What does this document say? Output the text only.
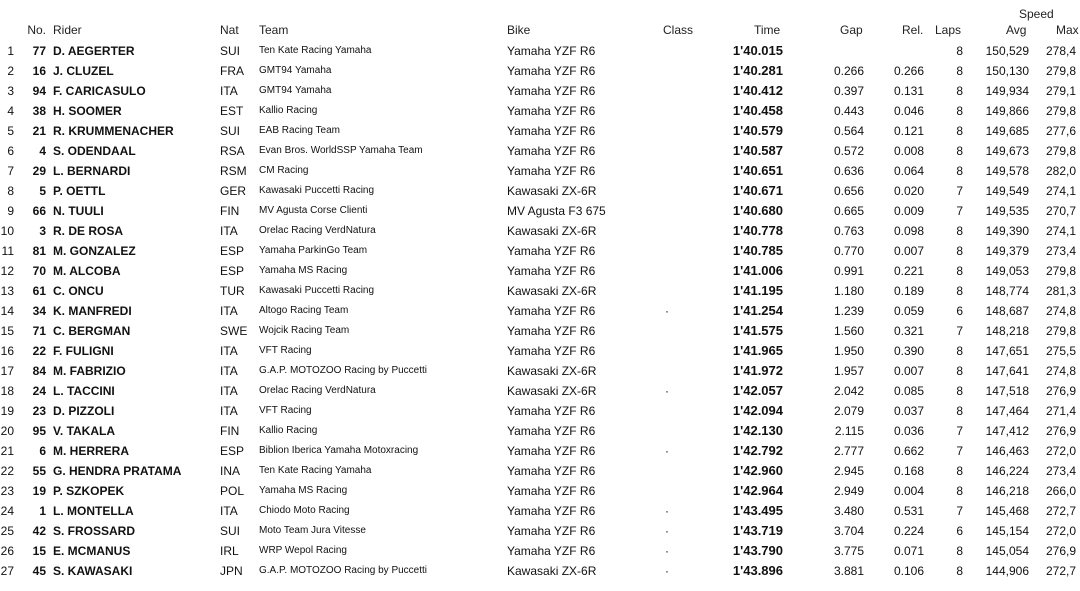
Speed
No. Rider	Nat Team	Bike	Class	Time	Gap	Rel. Laps	Avg Max
1	77 D. AEGERTER	SUI Ten Kate Racing Yamaha	Yamaha YZF R6	1'40.015	8	150,529 278,4
2	16 J. CLUZEL	FRA GMT94 Yamaha	Yamaha YZF R6	1'40.281	0.266	0.266	8	150,130 279,8
3	94 F. CARICASULO	ITA GMT94 Yamaha	Yamaha YZF R6	1'40.412	0.397	0.131	8	149,934 279,1
4	38 H. SOOMER	EST Kallio Racing	Yamaha YZF R6	1'40.458	0.443	0.046	8	149,866 279,8
5	21 R. KRUMMENACHER	SUI EAB Racing Team	Yamaha YZF R6	1'40.579	0.564	0.121	8	149,685 277,6
6	4 S. ODENDAAL	RSA Evan Bros. WorldSSP Yamaha Team	Yamaha YZF R6	1'40.587	0.572	0.008	8	149,673 279,8
7	29 L. BERNARDI	RSM CM Racing	Yamaha YZF R6	1'40.651	0.636	0.064	8	149,578 282,0
8	5 P. OETTL	GER Kawasaki Puccetti Racing	Kawasaki ZX-6R	1'40.671	0.656	0.020	7	149,549 274,1
9	66 N. TUULI	FIN MV Agusta Corse Clienti	MV Agusta F3 675	1'40.680	0.665	0.009	7	149,535 270,7
10	3 R. DE ROSA	ITA Orelac Racing VerdNatura	Kawasaki ZX-6R	1'40.778	0.763	0.098	8	149,390 274,1
11	81 M. GONZALEZ	ESP Yamaha ParkinGo Team	Yamaha YZF R6	1'40.785	0.770	0.007	8	149,379 273,4
12	70 M. ALCOBA	ESP Yamaha MS Racing	Yamaha YZF R6	1'41.006	0.991	0.221	8	149,053 279,8
13	61 C. ONCU	TUR Kawasaki Puccetti Racing	Kawasaki ZX-6R	1'41.195	1.180	0.189	8	148,774 281,3
14	34 K. MANFREDI	ITA Altogo Racing Team	Yamaha YZF R6	·	1'41.254	1.239	0.059	6	148,687 274,8
15	71 C. BERGMAN	SWE Wojcik Racing Team	Yamaha YZF R6	1'41.575	1.560	0.321	7	148,218 279,8
16	22 F. FULIGNI	ITA VFT Racing	Yamaha YZF R6	1'41.965	1.950	0.390	8	147,651 275,5
17	84 M. FABRIZIO	ITA G.A.P. MOTOZOO Racing by Puccetti	Kawasaki ZX-6R	1'41.972	1.957	0.007	8	147,641 274,8
18	24 L. TACCINI	ITA Orelac Racing VerdNatura	Kawasaki ZX-6R	·	1'42.057	2.042	0.085	8	147,518 276,9
19	23 D. PIZZOLI	ITA VFT Racing	Yamaha YZF R6	1'42.094	2.079	0.037	8	147,464 271,4
20	95 V. TAKALA	FIN Kallio Racing	Yamaha YZF R6	1'42.130	2.115	0.036	7	147,412 276,9
21	6 M. HERRERA	ESP Biblion Iberica Yamaha Motoxracing	Yamaha YZF R6	·	1'42.792	2.777	0.662	7	146,463 272,0
22	55 G. HENDRA PRATAMA	INA Ten Kate Racing Yamaha	Yamaha YZF R6	1'42.960	2.945	0.168	8	146,224 273,4
23	19 P. SZKOPEK	POL Yamaha MS Racing	Yamaha YZF R6	1'42.964	2.949	0.004	8	146,218 266,0
24	1 L. MONTELLA	ITA Chiodo Moto Racing	Yamaha YZF R6	·	1'43.495	3.480	0.531	7	145,468 272,7
25	42 S. FROSSARD	SUI Moto Team Jura Vitesse	Yamaha YZF R6	·	1'43.719	3.704	0.224	6	145,154 272,0
26	15 E. MCMANUS	IRL WRP Wepol Racing	Yamaha YZF R6	·	1'43.790	3.775	0.071	8	145,054 276,9
27	45 S. KAWASAKI	JPN G.A.P. MOTOZOO Racing by Puccetti	Kawasaki ZX-6R	·	1'43.896	3.881	0.106	8	144,906 272,7
